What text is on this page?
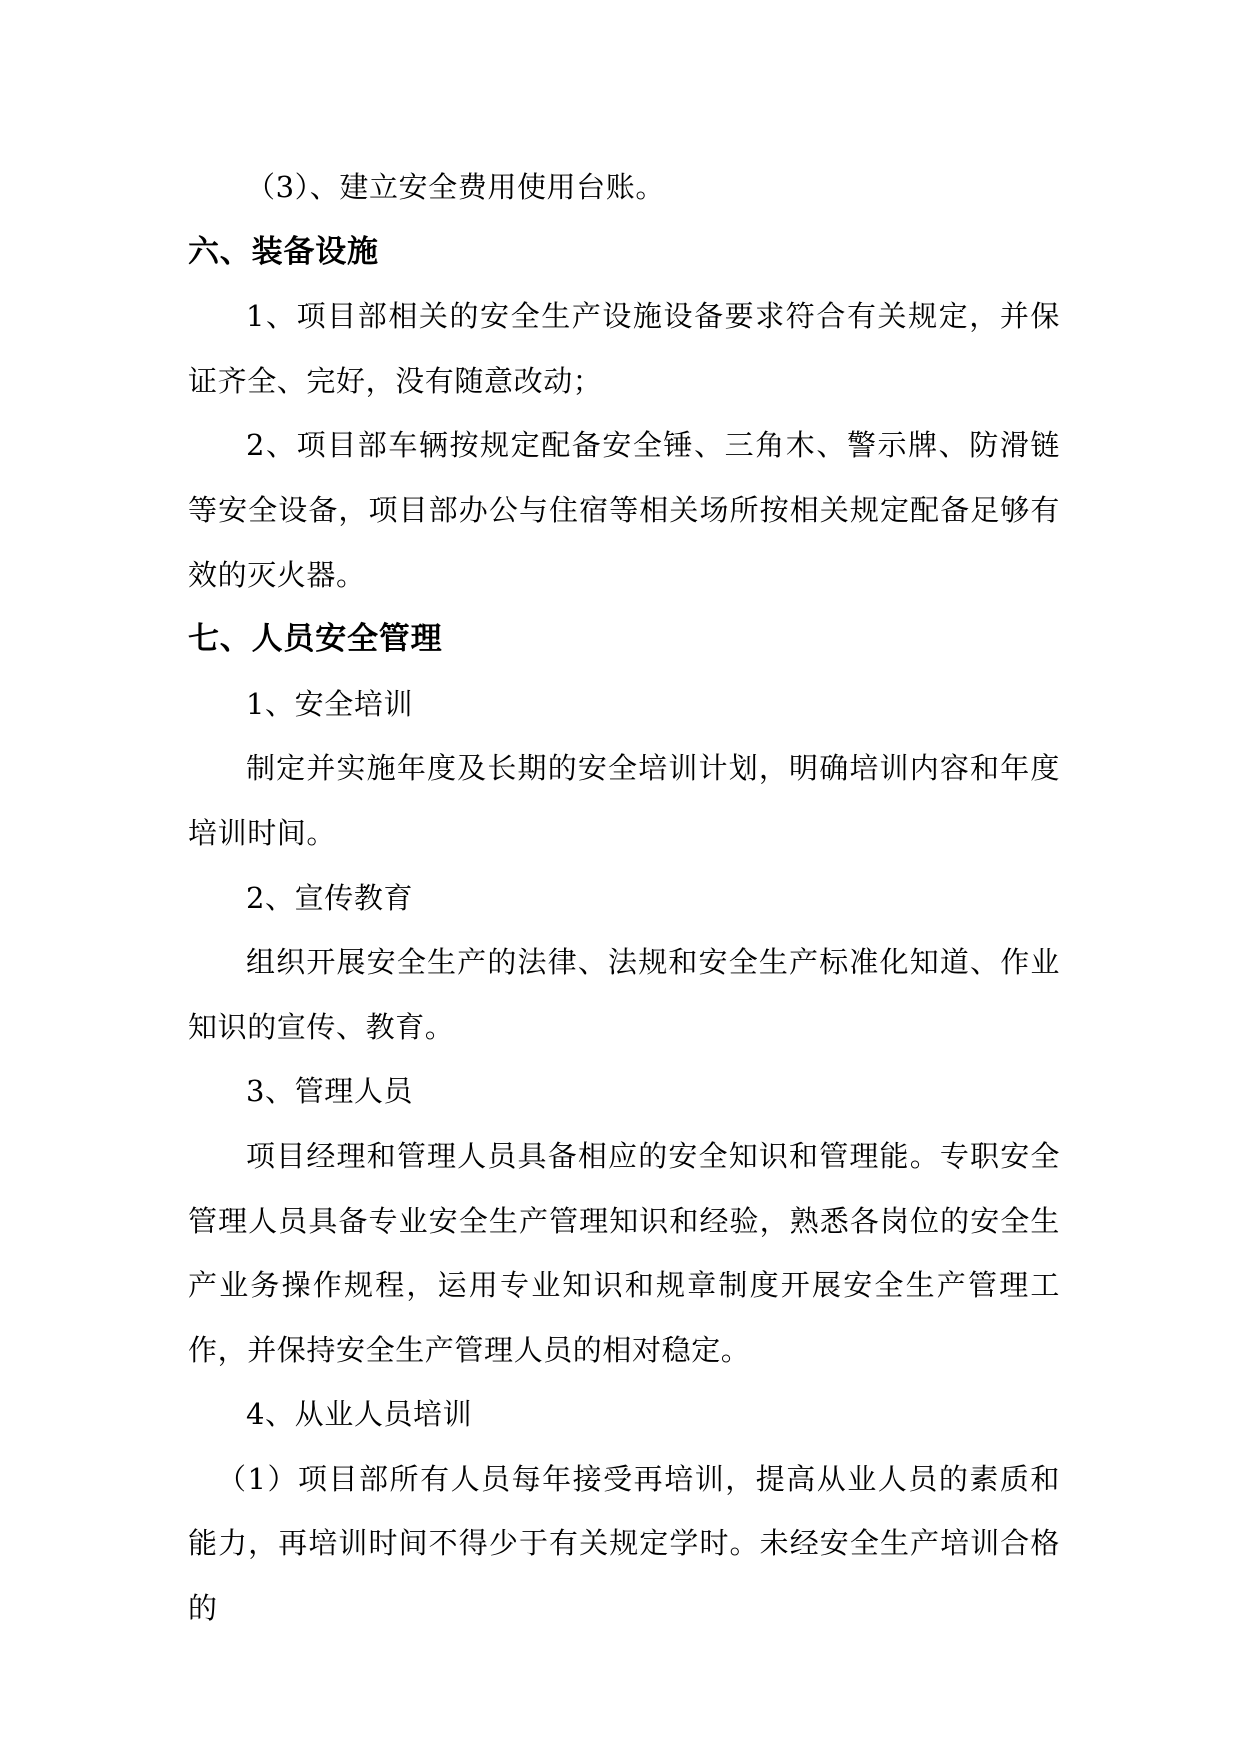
（3）、建立安全费用使用台账。

六、装备设施

1、项目部相关的安全生产设施设备要求符合有关规定，并保证齐全、完好，没有随意改动；

2、项目部车辆按规定配备安全锤、三角木、警示牌、防滑链等安全设备，项目部办公与住宿等相关场所按相关规定配备足够有效的灭火器。

七、人员安全管理

1、安全培训

制定并实施年度及长期的安全培训计划，明确培训内容和年度培训时间。

2、宣传教育

组织开展安全生产的法律、法规和安全生产标准化知道、作业知识的宣传、教育。

3、管理人员

项目经理和管理人员具备相应的安全知识和管理能。专职安全管理人员具备专业安全生产管理知识和经验，熟悉各岗位的安全生产业务操作规程，运用专业知识和规章制度开展安全生产管理工作，并保持安全生产管理人员的相对稳定。

4、从业人员培训

（1）项目部所有人员每年接受再培训，提高从业人员的素质和能力，再培训时间不得少于有关规定学时。未经安全生产培训合格的
